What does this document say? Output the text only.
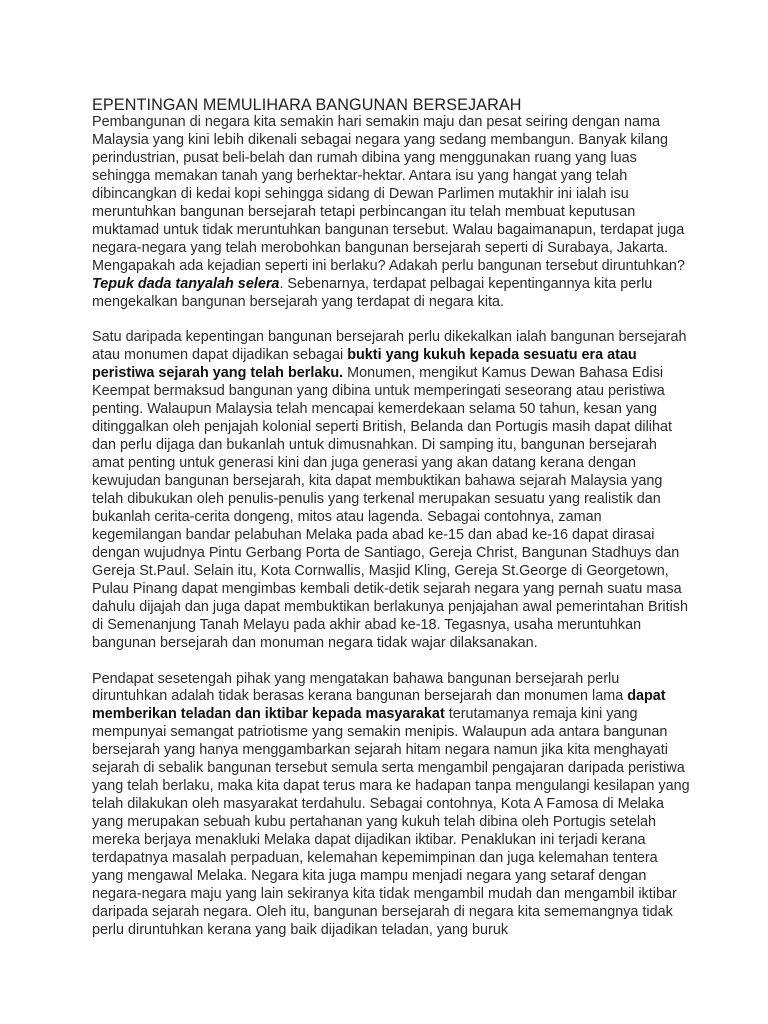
EPENTINGAN MEMULIHARA BANGUNAN BERSEJARAH

Pembangunan di negara kita semakin hari semakin maju dan pesat seiring dengan nama Malaysia yang kini lebih dikenali sebagai negara yang sedang membangun. Banyak kilang perindustrian, pusat beli-belah dan rumah dibina yang menggunakan ruang yang luas sehingga memakan tanah yang berhektar-hektar. Antara isu yang hangat yang telah dibincangkan di kedai kopi sehingga sidang di Dewan Parlimen mutakhir ini ialah isu meruntuhkan bangunan bersejarah tetapi perbincangan itu telah membuat keputusan muktamad untuk tidak meruntuhkan bangunan tersebut. Walau bagaimanapun, terdapat juga negara-negara yang telah merobohkan bangunan bersejarah seperti di Surabaya, Jakarta. Mengapakah ada kejadian seperti ini berlaku? Adakah perlu bangunan tersebut diruntuhkan? Tepuk dada tanyalah selera. Sebenarnya, terdapat pelbagai kepentingannya kita perlu mengekalkan bangunan bersejarah yang terdapat di negara kita.

Satu daripada kepentingan bangunan bersejarah perlu dikekalkan ialah bangunan bersejarah atau monumen dapat dijadikan sebagai bukti yang kukuh kepada sesuatu era atau peristiwa sejarah yang telah berlaku. Monumen, mengikut Kamus Dewan Bahasa Edisi Keempat bermaksud bangunan yang dibina untuk memperingati seseorang atau peristiwa penting. Walaupun Malaysia telah mencapai kemerdekaan selama 50 tahun, kesan yang ditinggalkan oleh penjajah kolonial seperti British, Belanda dan Portugis masih dapat dilihat dan perlu dijaga dan bukanlah untuk dimusnahkan. Di samping itu, bangunan bersejarah amat penting untuk generasi kini dan juga generasi yang akan datang kerana dengan kewujudan bangunan bersejarah, kita dapat membuktikan bahawa sejarah Malaysia yang telah dibukukan oleh penulis-penulis yang terkenal merupakan sesuatu yang realistik dan bukanlah cerita-cerita dongeng, mitos atau lagenda. Sebagai contohnya, zaman kegemilangan bandar pelabuhan Melaka pada abad ke-15 dan abad ke-16 dapat dirasai dengan wujudnya Pintu Gerbang Porta de Santiago, Gereja Christ, Bangunan Stadhuys dan Gereja St.Paul. Selain itu, Kota Cornwallis, Masjid Kling, Gereja St.George di Georgetown, Pulau Pinang dapat mengimbas kembali detik-detik sejarah negara yang pernah suatu masa dahulu dijajah dan juga dapat membuktikan berlakunya penjajahan awal pemerintahan British di Semenanjung Tanah Melayu pada akhir abad ke-18. Tegasnya, usaha meruntuhkan bangunan bersejarah dan monuman negara tidak wajar dilaksanakan.

Pendapat sesetengah pihak yang mengatakan bahawa bangunan bersejarah perlu diruntuhkan adalah tidak berasas kerana bangunan bersejarah dan monumen lama dapat memberikan teladan dan iktibar kepada masyarakat terutamanya remaja kini yang mempunyai semangat patriotisme yang semakin menipis. Walaupun ada antara bangunan bersejarah yang hanya menggambarkan sejarah hitam negara namun jika kita menghayati sejarah di sebalik bangunan tersebut semula serta mengambil pengajaran daripada peristiwa yang telah berlaku, maka kita dapat terus mara ke hadapan tanpa mengulangi kesilapan yang telah dilakukan oleh masyarakat terdahulu. Sebagai contohnya, Kota A Famosa di Melaka yang merupakan sebuah kubu pertahanan yang kukuh telah dibina oleh Portugis setelah mereka berjaya menakluki Melaka dapat dijadikan iktibar. Penaklukan ini terjadi kerana terdapatnya masalah perpaduan, kelemahan kepemimpinan dan juga kelemahan tentera yang mengawal Melaka. Negara kita juga mampu menjadi negara yang setaraf dengan negara-negara maju yang lain sekiranya kita tidak mengambil mudah dan mengambil iktibar daripada sejarah negara. Oleh itu, bangunan bersejarah di negara kita sememangnya tidak perlu diruntuhkan kerana yang baik dijadikan teladan, yang buruk
